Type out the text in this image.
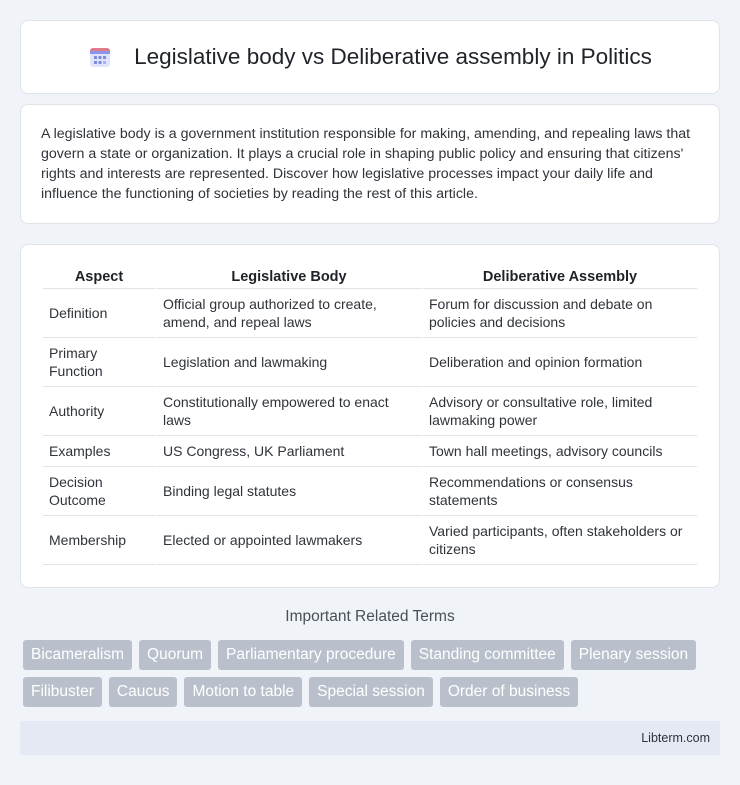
Legislative body vs Deliberative assembly in Politics

A legislative body is a government institution responsible for making, amending, and repealing laws that govern a state or organization. It plays a crucial role in shaping public policy and ensuring that citizens' rights and interests are represented. Discover how legislative processes impact your daily life and influence the functioning of societies by reading the rest of this article.

Aspect	Legislative Body	Deliberative Assembly
Definition	Official group authorized to create, amend, and repeal laws	Forum for discussion and debate on policies and decisions
Primary Function	Legislation and lawmaking	Deliberation and opinion formation
Authority	Constitutionally empowered to enact laws	Advisory or consultative role, limited lawmaking power
Examples	US Congress, UK Parliament	Town hall meetings, advisory councils
Decision Outcome	Binding legal statutes	Recommendations or consensus statements
Membership	Elected or appointed lawmakers	Varied participants, often stakeholders or citizens
Important Related Terms
Bicameralism	Quorum	Parliamentary procedure	Standing committee	Plenary session
Filibuster	Caucus	Motion to table	Special session	Order of business
Libterm.com
